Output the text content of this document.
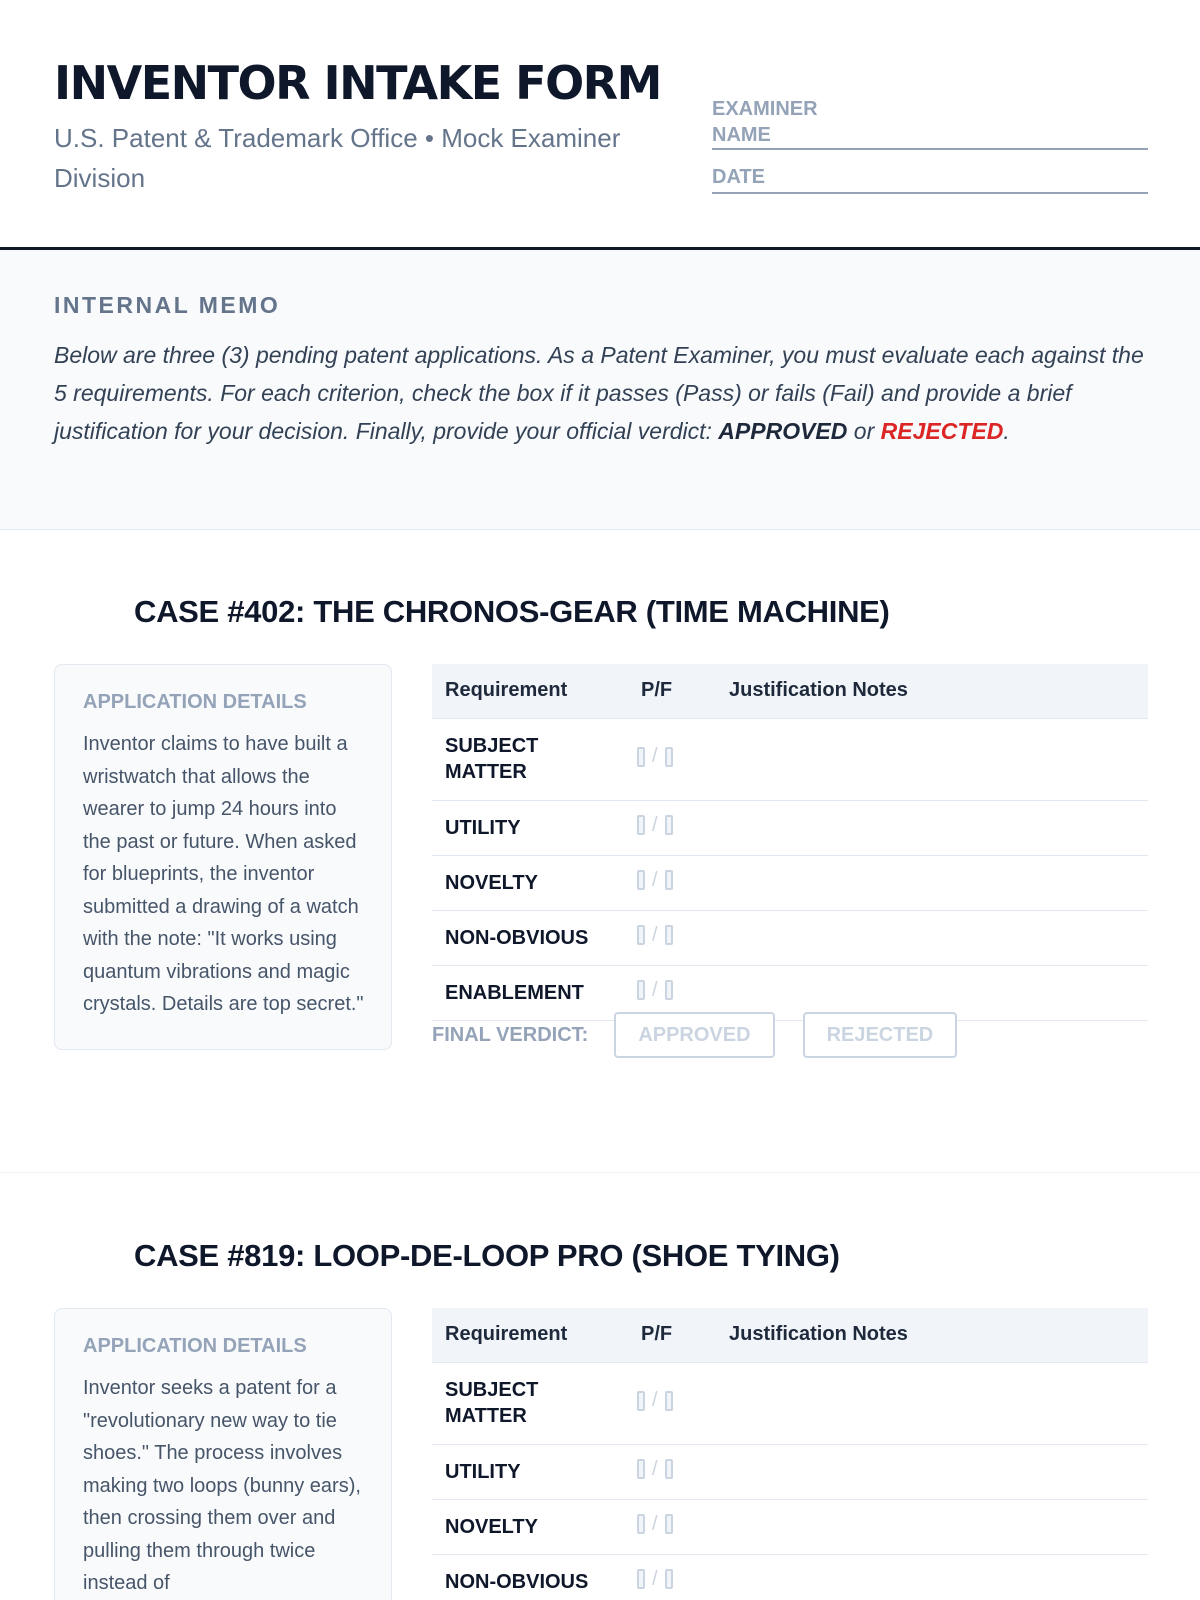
INVENTOR INTAKE FORM
U.S. Patent & Trademark Office • Mock Examiner Division
EXAMINER NAME
DATE
INTERNAL MEMO
Below are three (3) pending patent applications. As a Patent Examiner, you must evaluate each against the 5 requirements. For each criterion, check the box if it passes (Pass) or fails (Fail) and provide a brief justification for your decision. Finally, provide your official verdict: APPROVED or REJECTED.
CASE #402: THE CHRONOS-GEAR (TIME MACHINE)
APPLICATION DETAILS
Inventor claims to have built a wristwatch that allows the wearer to jump 24 hours into the past or future. When asked for blueprints, the inventor submitted a drawing of a watch with the note: "It works using quantum vibrations and magic crystals. Details are top secret."
Requirement	P/F	Justification Notes

SUBJECT MATTER	/	

UTILITY	/	

NOVELTY	/	

NON-OBVIOUS	/	

ENABLEMENT	/	

FINAL VERDICT:	APPROVED	REJECTED
CASE #819: LOOP-DE-LOOP PRO (SHOE TYING)
APPLICATION DETAILS
Inventor seeks a patent for a "revolutionary new way to tie shoes." The process involves making two loops (bunny ears), then crossing them over and pulling them through twice instead of
Requirement	P/F	Justification Notes

SUBJECT MATTER	/	

UTILITY	/	

NOVELTY	/	

NON-OBVIOUS	/	
